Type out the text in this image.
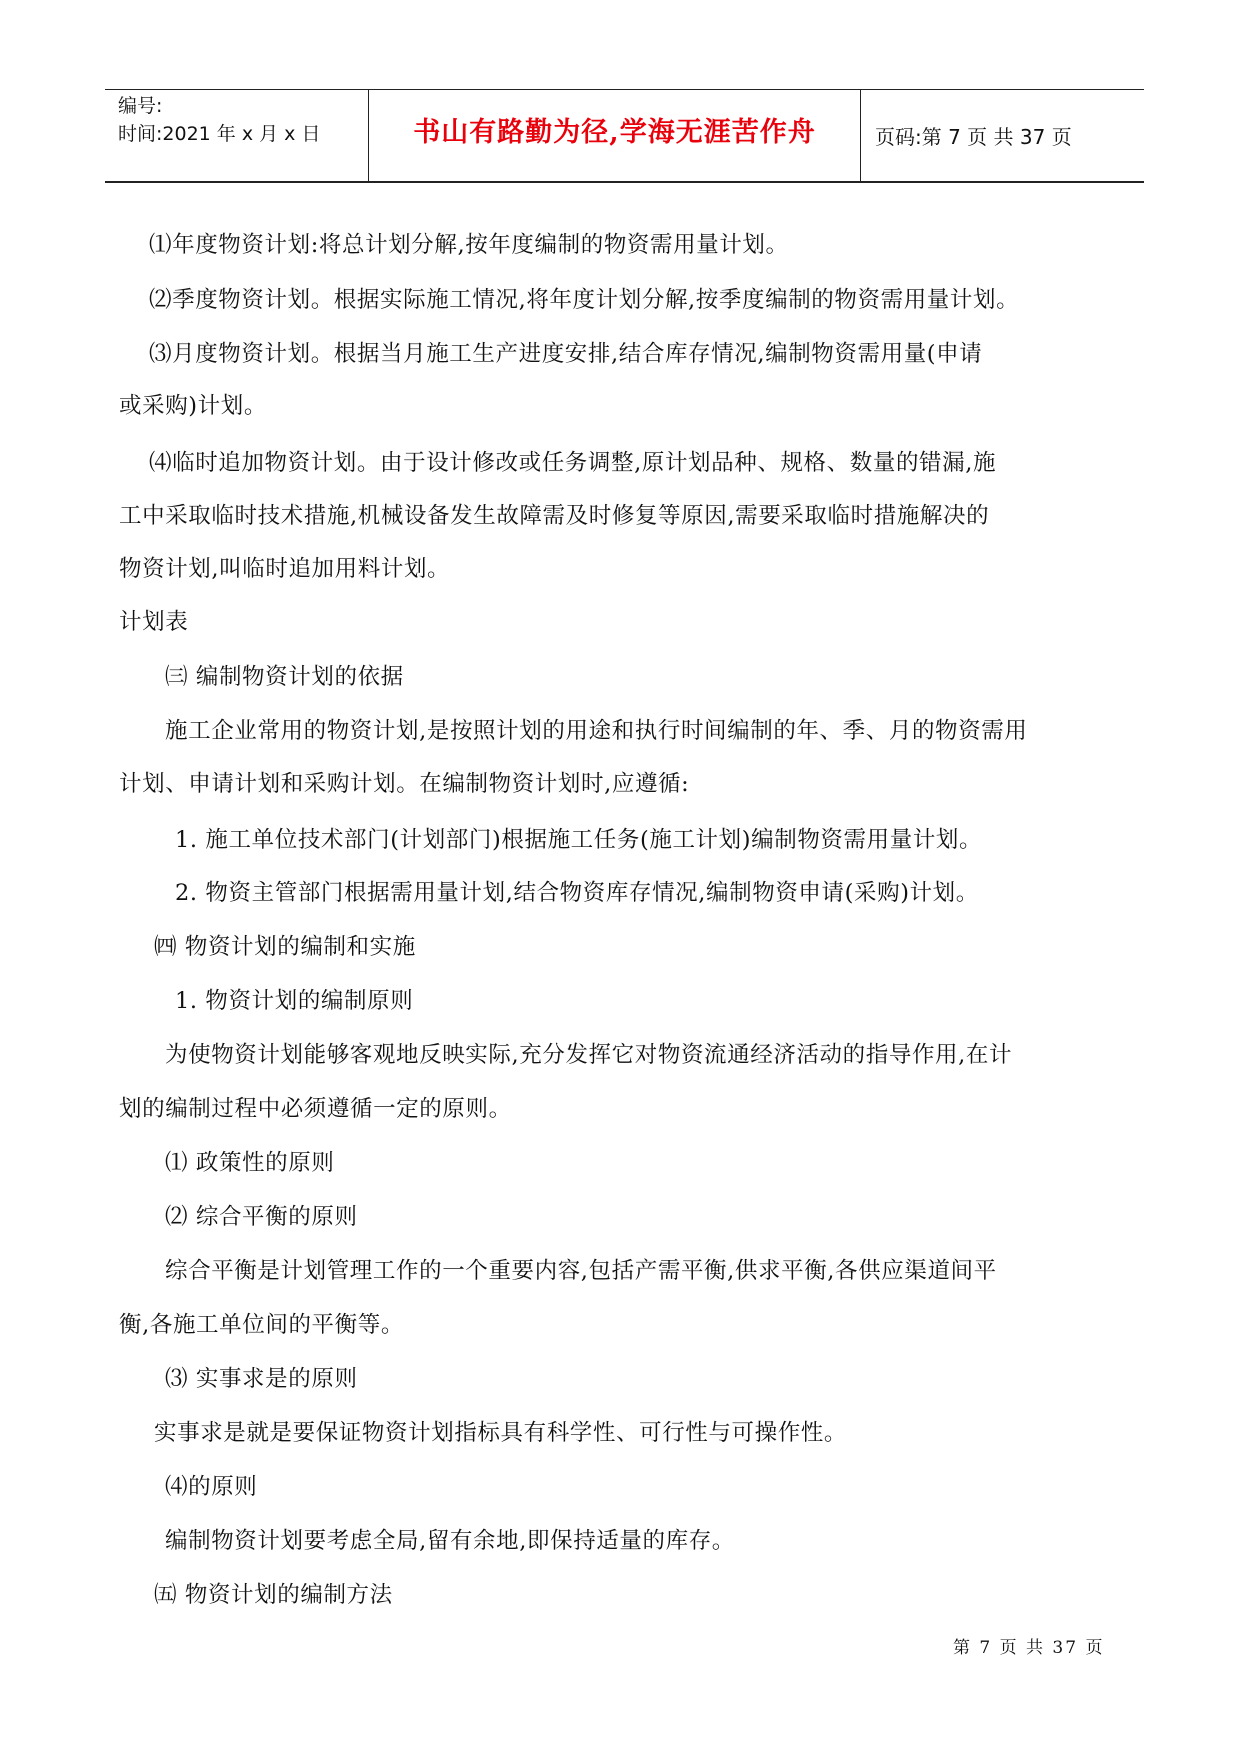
编号:
时间:2021 年 x 月 x 日	书山有路勤为径,学海无涯苦作舟	页码:第 7 页 共 37 页
⑴年度物资计划:将总计划分解,按年度编制的物资需用量计划。
⑵季度物资计划。根据实际施工情况,将年度计划分解,按季度编制的物资需用量计划。
⑶月度物资计划。根据当月施工生产进度安排,结合库存情况,编制物资需用量(申请
或采购)计划。
⑷临时追加物资计划。由于设计修改或任务调整,原计划品种、规格、数量的错漏,施
工中采取临时技术措施,机械设备发生故障需及时修复等原因,需要采取临时措施解决的
物资计划,叫临时追加用料计划。
计划表
㈢ 编制物资计划的依据
施工企业常用的物资计划,是按照计划的用途和执行时间编制的年、季、月的物资需用
计划、申请计划和采购计划。在编制物资计划时,应遵循:
1. 施工单位技术部门(计划部门)根据施工任务(施工计划)编制物资需用量计划。
2. 物资主管部门根据需用量计划,结合物资库存情况,编制物资申请(采购)计划。
㈣ 物资计划的编制和实施
1. 物资计划的编制原则
为使物资计划能够客观地反映实际,充分发挥它对物资流通经济活动的指导作用,在计
划的编制过程中必须遵循一定的原则。
⑴ 政策性的原则
⑵ 综合平衡的原则
综合平衡是计划管理工作的一个重要内容,包括产需平衡,供求平衡,各供应渠道间平
衡,各施工单位间的平衡等。
⑶ 实事求是的原则
实事求是就是要保证物资计划指标具有科学性、可行性与可操作性。
⑷的原则
编制物资计划要考虑全局,留有余地,即保持适量的库存。
㈤ 物资计划的编制方法
第 7 页 共 37 页
